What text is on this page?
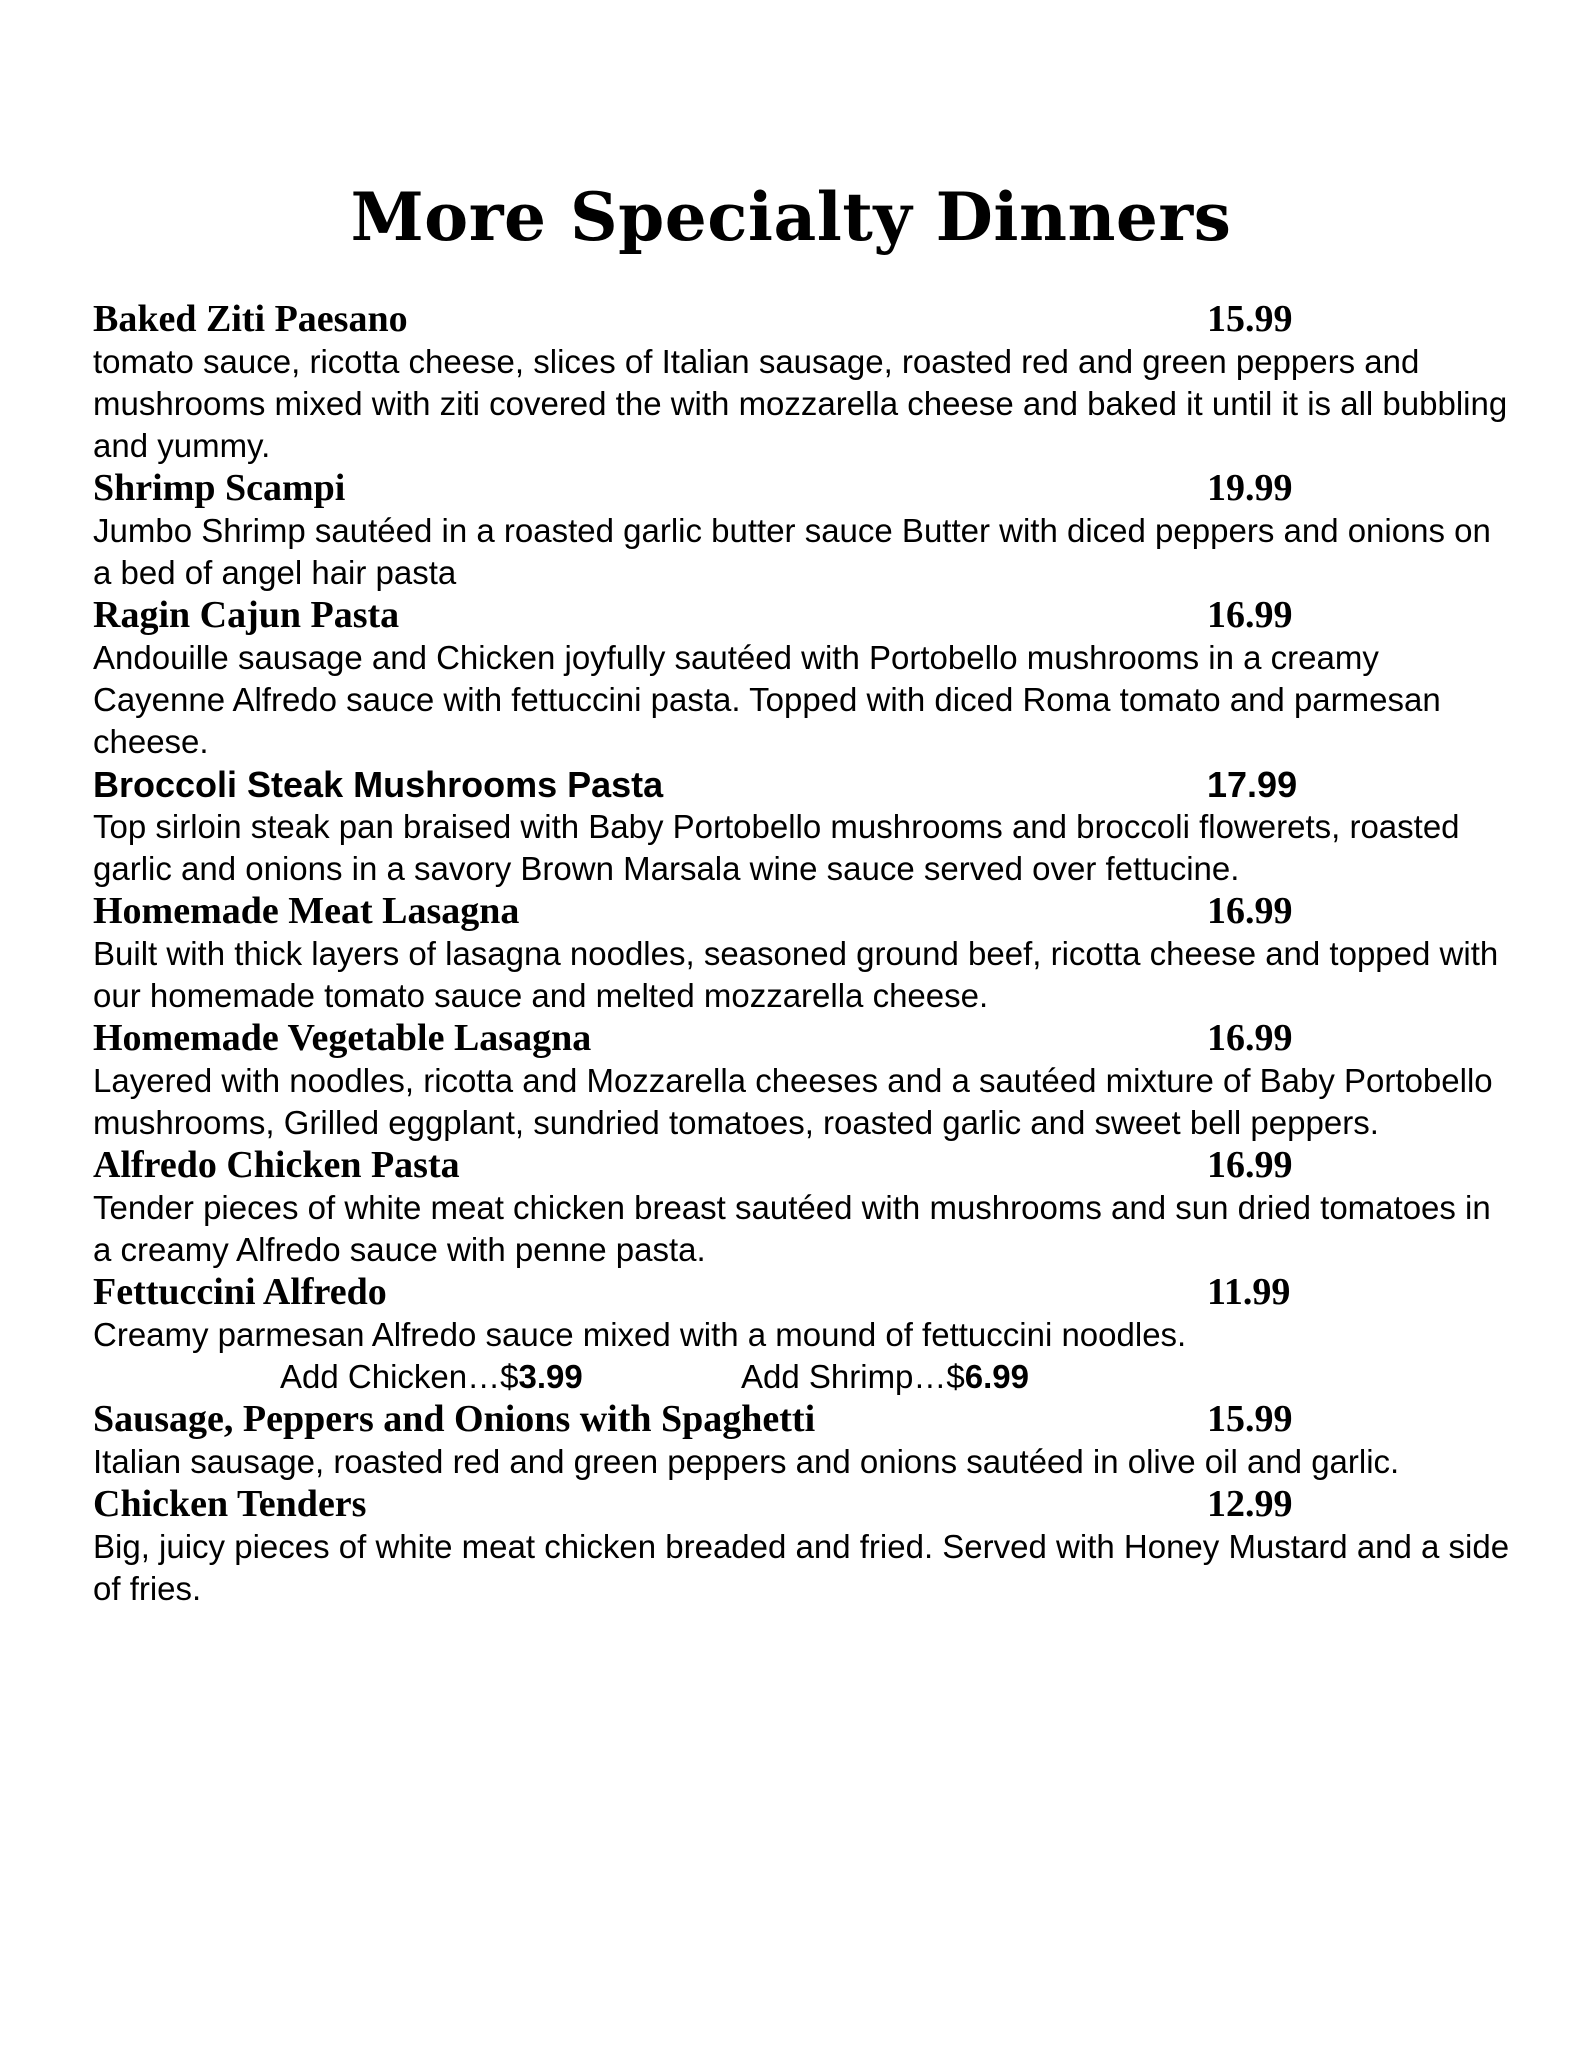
More Specialty Dinners
Baked Ziti Paesano	15.99
tomato sauce, ricotta cheese, slices of Italian sausage, roasted red and green peppers and mushrooms mixed with ziti covered the with mozzarella cheese and baked it until it is all bubbling and yummy.
Shrimp Scampi	19.99
Jumbo Shrimp sautéed in a roasted garlic butter sauce Butter with diced peppers and onions on a bed of angel hair pasta
Ragin Cajun Pasta	16.99
Andouille sausage and Chicken joyfully sautéed with Portobello mushrooms in a creamy Cayenne Alfredo sauce with fettuccini pasta. Topped with diced Roma tomato and parmesan cheese.
Broccoli Steak Mushrooms Pasta	17.99
Top sirloin steak pan braised with Baby Portobello mushrooms and broccoli flowerets, roasted garlic and onions in a savory Brown Marsala wine sauce served over fettucine.
Homemade Meat Lasagna	16.99
Built with thick layers of lasagna noodles, seasoned ground beef, ricotta cheese and topped with our homemade tomato sauce and melted mozzarella cheese.
Homemade Vegetable Lasagna	16.99
Layered with noodles, ricotta and Mozzarella cheeses and a sautéed mixture of Baby Portobello mushrooms, Grilled eggplant, sundried tomatoes, roasted garlic and sweet bell peppers.
Alfredo Chicken Pasta	16.99
Tender pieces of white meat chicken breast sautéed with mushrooms and sun dried tomatoes in a creamy Alfredo sauce with penne pasta.
Fettuccini Alfredo	11.99
Creamy parmesan Alfredo sauce mixed with a mound of fettuccini noodles.
Add Chicken…$3.99	Add Shrimp…$6.99
Sausage, Peppers and Onions with Spaghetti	15.99
Italian sausage, roasted red and green peppers and onions sautéed in olive oil and garlic.
Chicken Tenders	12.99
Big, juicy pieces of white meat chicken breaded and fried. Served with Honey Mustard and a side of fries.
